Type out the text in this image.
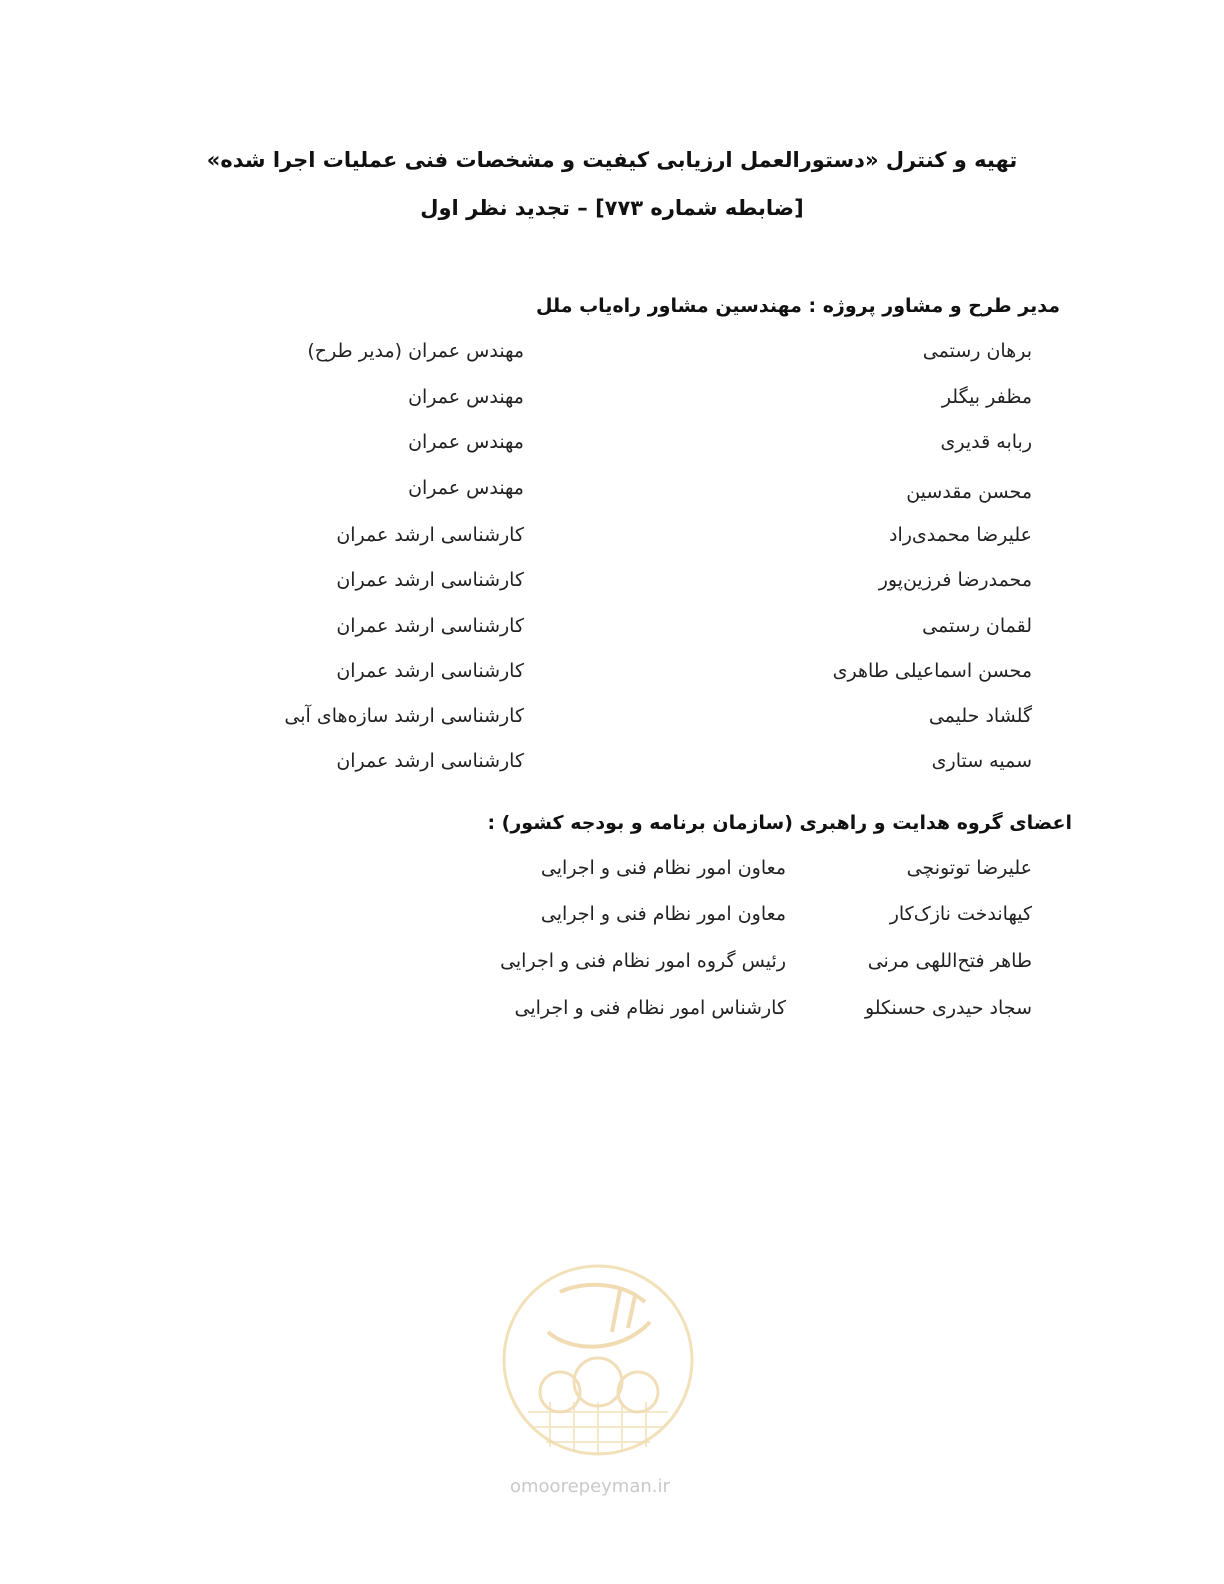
تهیه و کنترل «دستورالعمل ارزیابی کیفیت و مشخصات فنی عملیات اجرا شده»
[ضابطه شماره ۷۷۳] – تجدید نظر اول
مدیر طرح و مشاور پروژه : مهندسین مشاور راه‌یاب ملل
برهان رستمی
مهندس عمران (مدیر طرح)
مظفر بیگلر
مهندس عمران
ربابه قدیری
مهندس عمران
محسن مقدسین
مهندس عمران
علیرضا محمدی‌راد
کارشناسی ارشد عمران
محمدرضا فرزین‌پور
کارشناسی ارشد عمران
لقمان رستمی
کارشناسی ارشد عمران
محسن اسماعیلی طاهری
کارشناسی ارشد عمران
گلشاد حلیمی
کارشناسی ارشد سازه‌های آبی
سمیه ستاری
کارشناسی ارشد عمران
اعضای گروه هدایت و راهبری (سازمان برنامه و بودجه کشور) :
علیرضا توتونچی
معاون امور نظام فنی و اجرایی
کیهاندخت نازک‌کار
معاون امور نظام فنی و اجرایی
طاهر فتح‌اللهی مرنی
رئیس گروه امور نظام فنی و اجرایی
سجاد حیدری حسنکلو
کارشناس امور نظام فنی و اجرایی
omoorepeyman.ir
